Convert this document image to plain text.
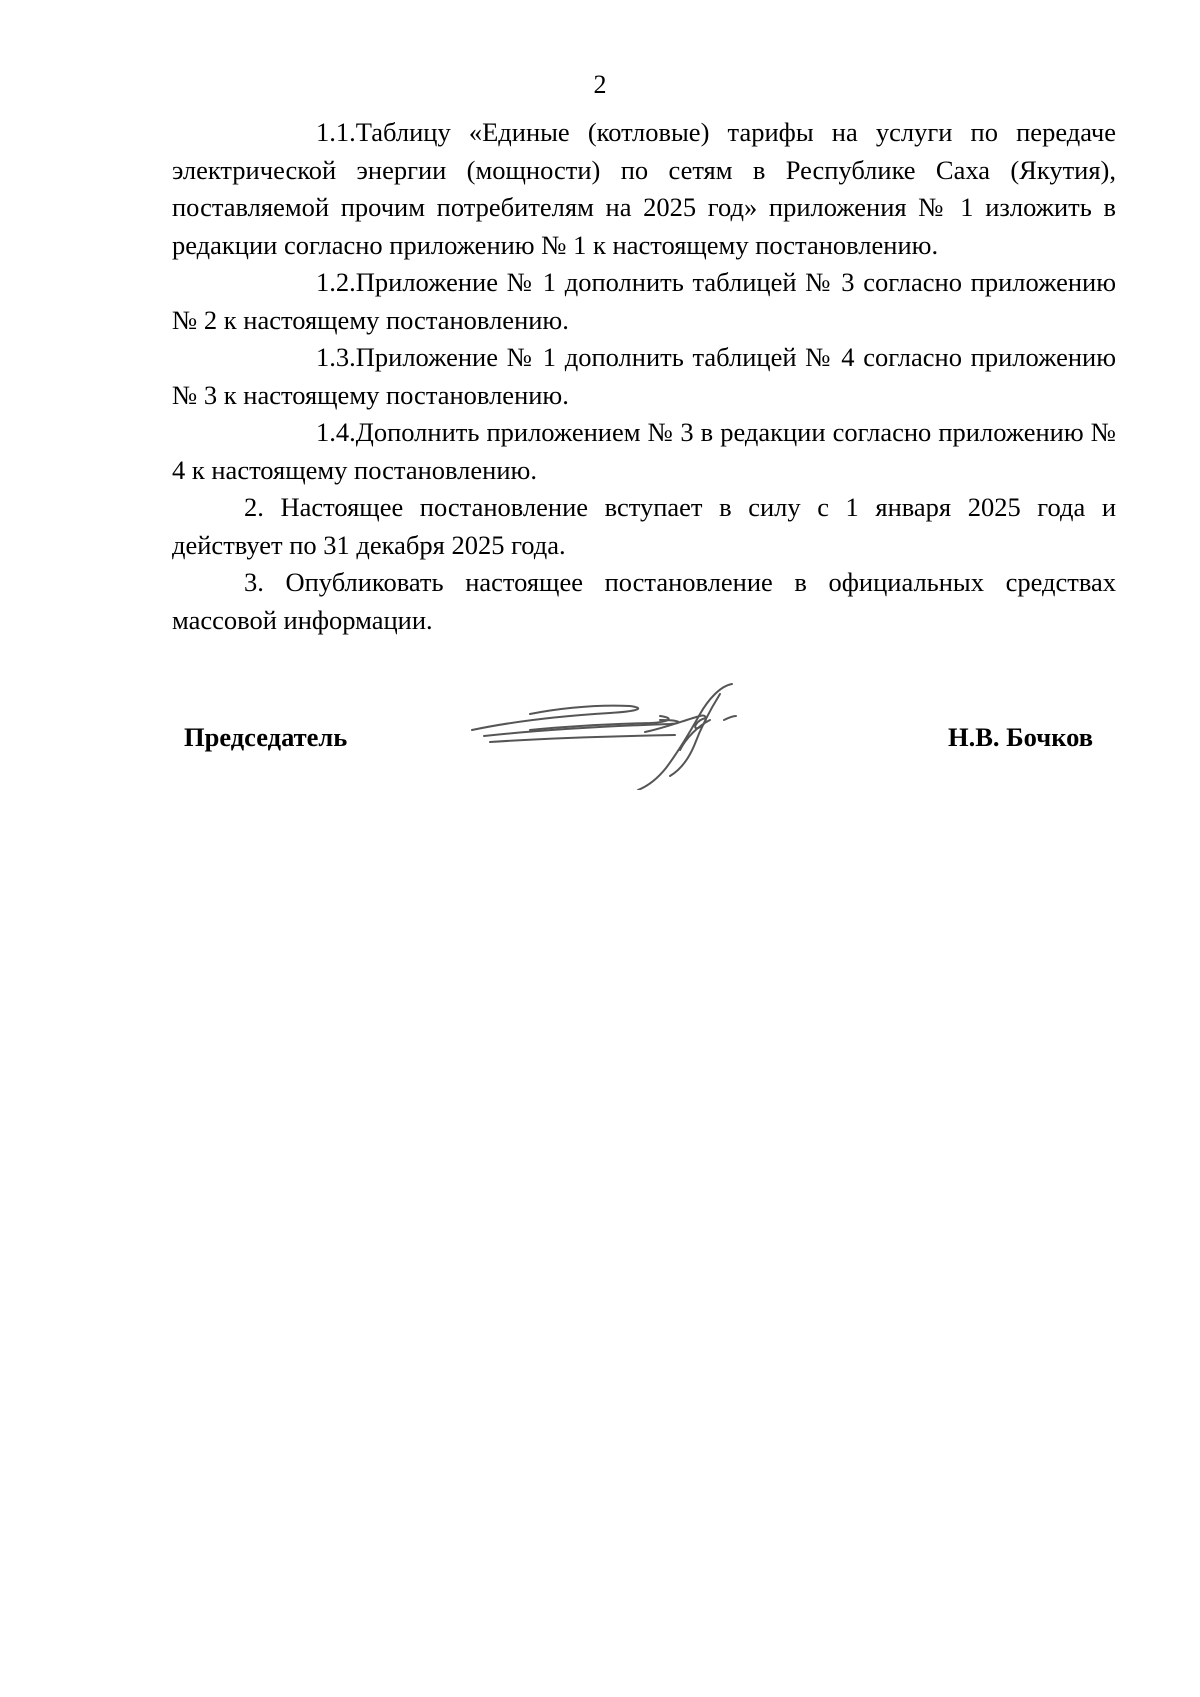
2

1.1.Таблицу «Единые (котловые) тарифы на услуги по передаче электрической энергии (мощности) по сетям в Республике Саха (Якутия), поставляемой прочим потребителям на 2025 год» приложения № 1 изложить в редакции согласно приложению № 1 к настоящему постановлению.

1.2.Приложение № 1 дополнить таблицей № 3 согласно приложению № 2 к настоящему постановлению.

1.3.Приложение № 1 дополнить таблицей № 4 согласно приложению № 3 к настоящему постановлению.

1.4.Дополнить приложением № 3 в редакции согласно приложению № 4 к настоящему постановлению.

2. Настоящее постановление вступает в силу с 1 января 2025 года и действует по 31 декабря 2025 года.

3. Опубликовать настоящее постановление в официальных средствах массовой информации.

Председатель	Н.В. Бочков
